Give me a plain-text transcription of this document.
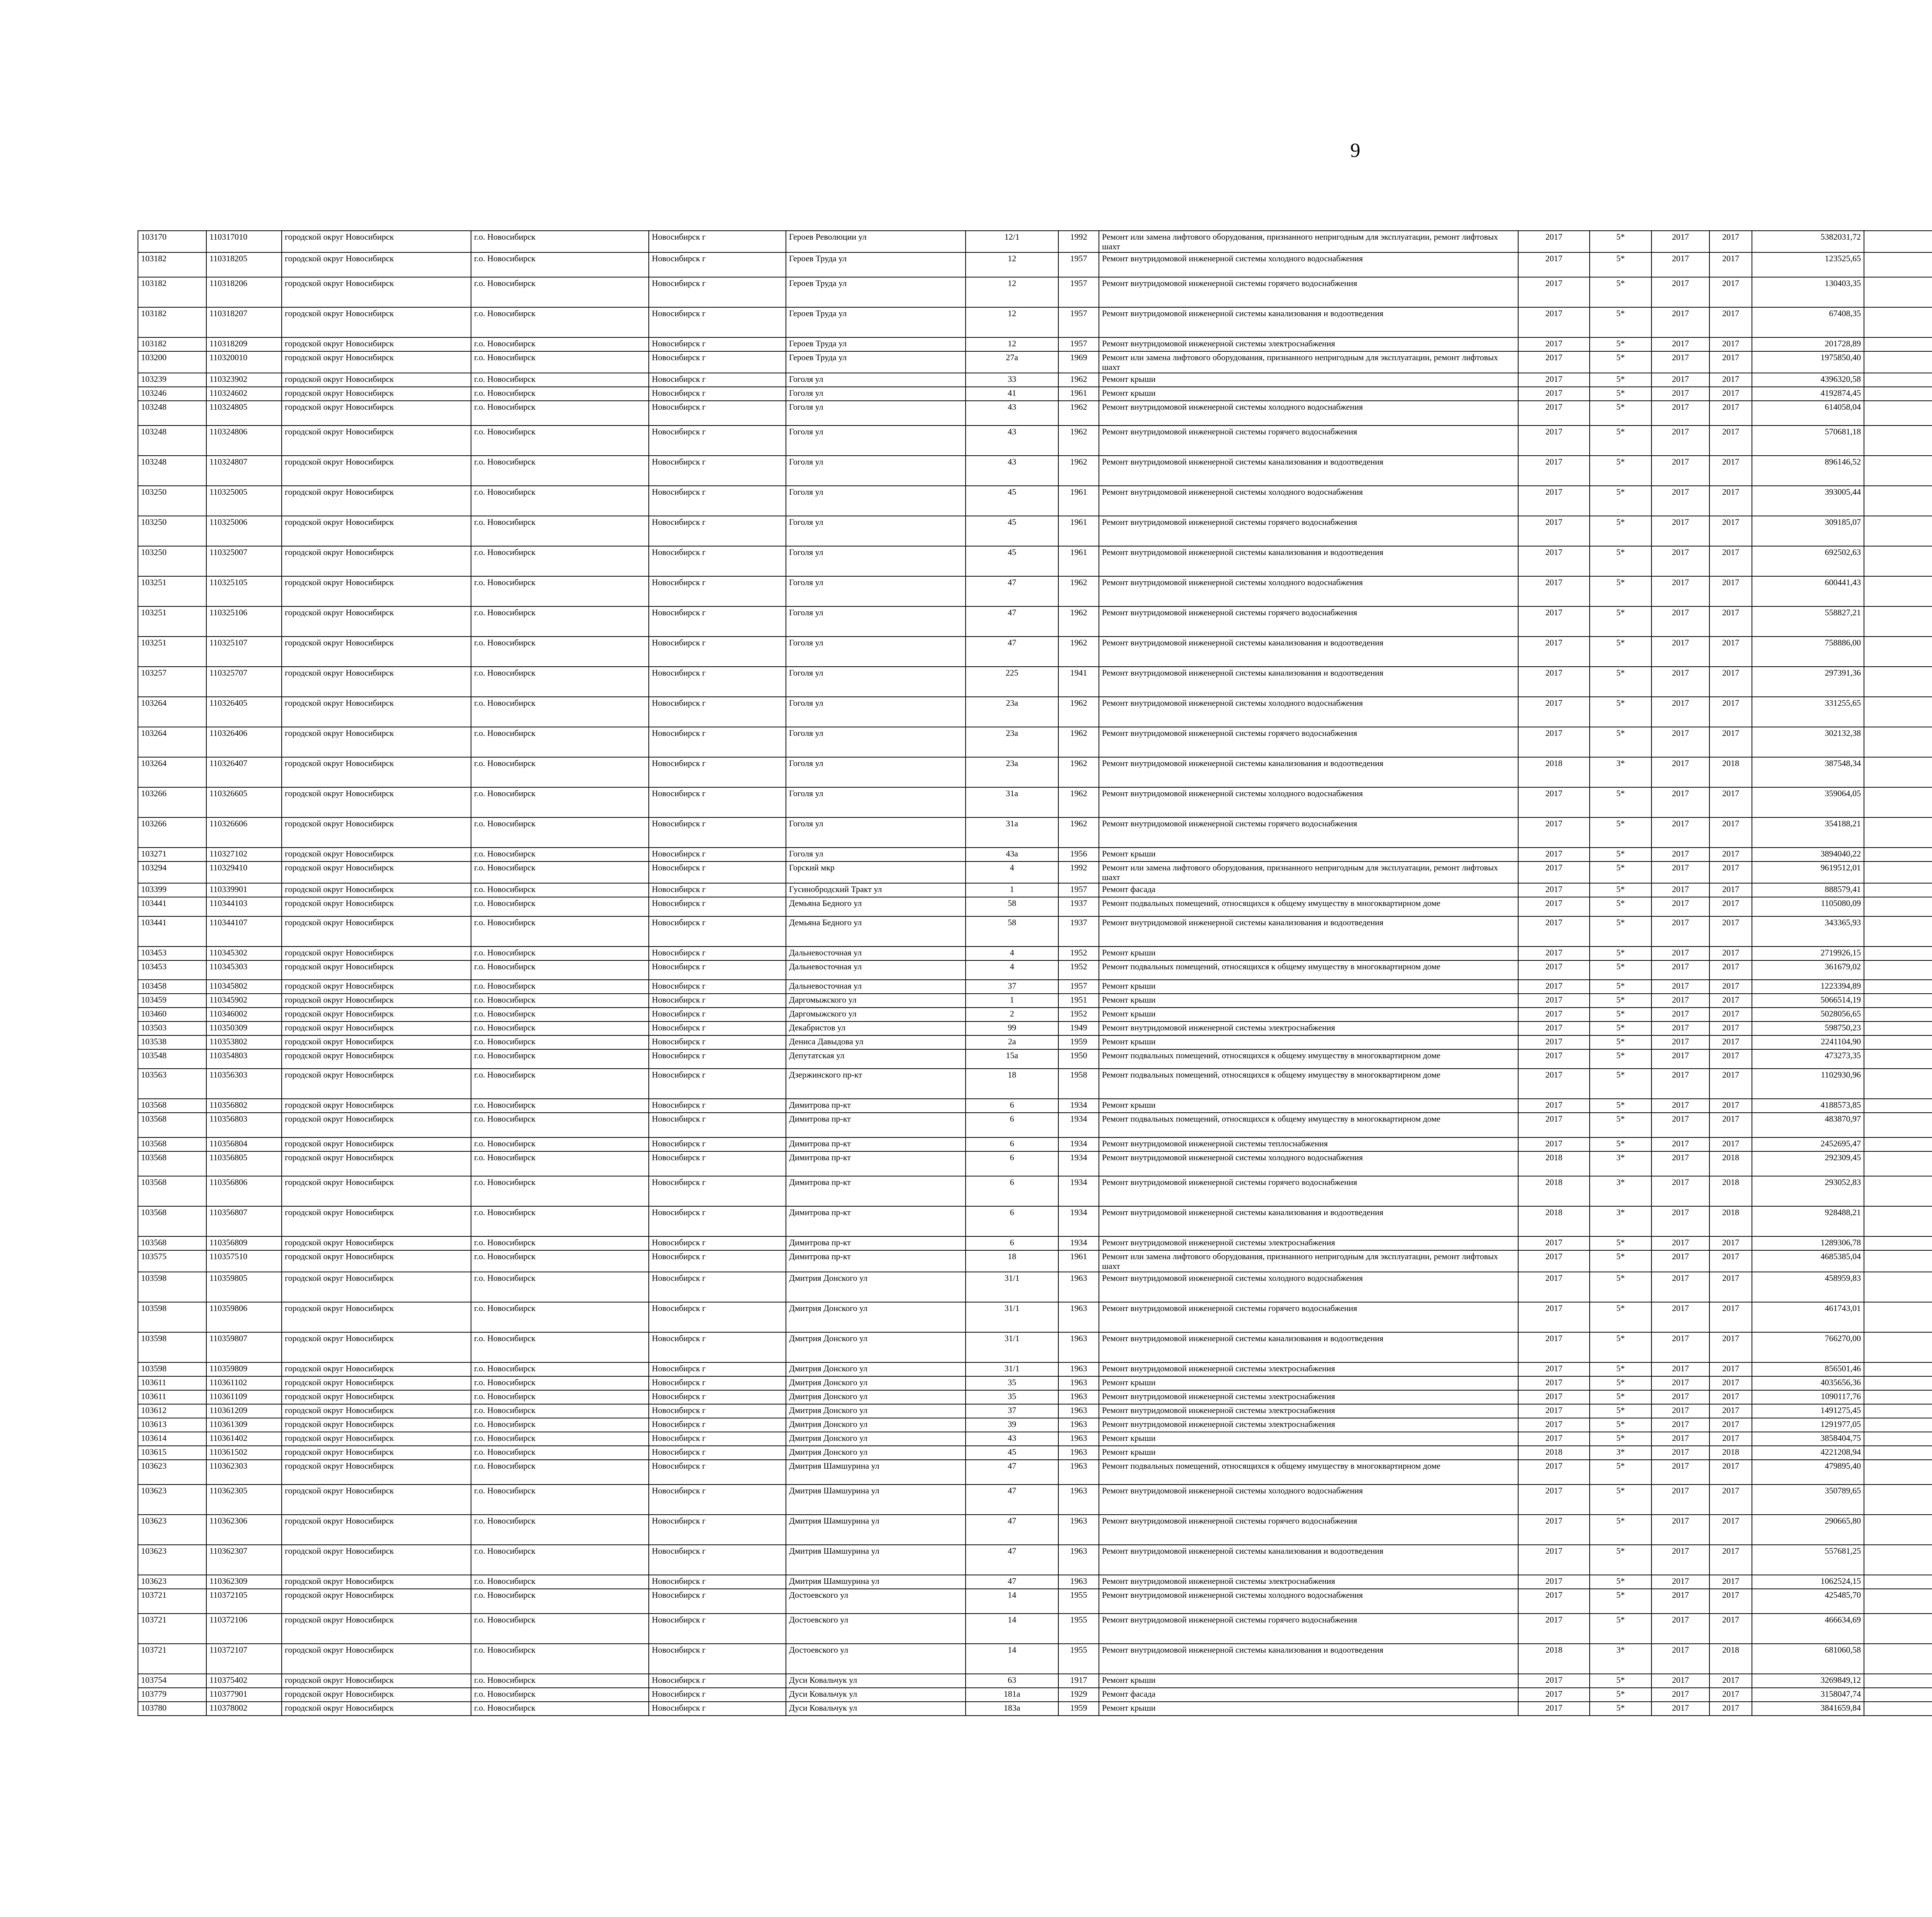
9
103170	110317010	городской округ Новосибирск	г.о. Новосибирск	Новосибирск г	Героев Революции ул	12/1	1992	Ремонт или замена лифтового оборудования, признанного непригодным для эксплуатации, ремонт лифтовых шахт	2017	5*	2017	2017	5382031,72									
103182	110318205	городской округ Новосибирск	г.о. Новосибирск	Новосибирск г	Героев Труда ул	12	1957	Ремонт внутридомовой инженерной системы холодного водоснабжения	2017	5*	2017	2017	123525,65									
103182	110318206	городской округ Новосибирск	г.о. Новосибирск	Новосибирск г	Героев Труда ул	12	1957	Ремонт внутридомовой инженерной системы горячего водоснабжения	2017	5*	2017	2017	130403,35									
103182	110318207	городской округ Новосибирск	г.о. Новосибирск	Новосибирск г	Героев Труда ул	12	1957	Ремонт внутридомовой инженерной системы канализования и водоотведения	2017	5*	2017	2017	67408,35									
103182	110318209	городской округ Новосибирск	г.о. Новосибирск	Новосибирск г	Героев Труда ул	12	1957	Ремонт внутридомовой инженерной системы электроснабжения	2017	5*	2017	2017	201728,89									
103200	110320010	городской округ Новосибирск	г.о. Новосибирск	Новосибирск г	Героев Труда ул	27а	1969	Ремонт или замена лифтового оборудования, признанного непригодным для эксплуатации, ремонт лифтовых шахт	2017	5*	2017	2017	1975850,40									
103239	110323902	городской округ Новосибирск	г.о. Новосибирск	Новосибирск г	Гоголя ул	33	1962	Ремонт крыши	2017	5*	2017	2017	4396320,58									
103246	110324602	городской округ Новосибирск	г.о. Новосибирск	Новосибирск г	Гоголя ул	41	1961	Ремонт крыши	2017	5*	2017	2017	4192874,45									
103248	110324805	городской округ Новосибирск	г.о. Новосибирск	Новосибирск г	Гоголя ул	43	1962	Ремонт внутридомовой инженерной системы холодного водоснабжения	2017	5*	2017	2017	614058,04									
103248	110324806	городской округ Новосибирск	г.о. Новосибирск	Новосибирск г	Гоголя ул	43	1962	Ремонт внутридомовой инженерной системы горячего водоснабжения	2017	5*	2017	2017	570681,18									
103248	110324807	городской округ Новосибирск	г.о. Новосибирск	Новосибирск г	Гоголя ул	43	1962	Ремонт внутридомовой инженерной системы канализования и водоотведения	2017	5*	2017	2017	896146,52									
103250	110325005	городской округ Новосибирск	г.о. Новосибирск	Новосибирск г	Гоголя ул	45	1961	Ремонт внутридомовой инженерной системы холодного водоснабжения	2017	5*	2017	2017	393005,44									
103250	110325006	городской округ Новосибирск	г.о. Новосибирск	Новосибирск г	Гоголя ул	45	1961	Ремонт внутридомовой инженерной системы горячего водоснабжения	2017	5*	2017	2017	309185,07									
103250	110325007	городской округ Новосибирск	г.о. Новосибирск	Новосибирск г	Гоголя ул	45	1961	Ремонт внутридомовой инженерной системы канализования и водоотведения	2017	5*	2017	2017	692502,63									
103251	110325105	городской округ Новосибирск	г.о. Новосибирск	Новосибирск г	Гоголя ул	47	1962	Ремонт внутридомовой инженерной системы холодного водоснабжения	2017	5*	2017	2017	600441,43									
103251	110325106	городской округ Новосибирск	г.о. Новосибирск	Новосибирск г	Гоголя ул	47	1962	Ремонт внутридомовой инженерной системы горячего водоснабжения	2017	5*	2017	2017	558827,21									
103251	110325107	городской округ Новосибирск	г.о. Новосибирск	Новосибирск г	Гоголя ул	47	1962	Ремонт внутридомовой инженерной системы канализования и водоотведения	2017	5*	2017	2017	758886,00									
103257	110325707	городской округ Новосибирск	г.о. Новосибирск	Новосибирск г	Гоголя ул	225	1941	Ремонт внутридомовой инженерной системы канализования и водоотведения	2017	5*	2017	2017	297391,36									
103264	110326405	городской округ Новосибирск	г.о. Новосибирск	Новосибирск г	Гоголя ул	23а	1962	Ремонт внутридомовой инженерной системы холодного водоснабжения	2017	5*	2017	2017	331255,65									
103264	110326406	городской округ Новосибирск	г.о. Новосибирск	Новосибирск г	Гоголя ул	23а	1962	Ремонт внутридомовой инженерной системы горячего водоснабжения	2017	5*	2017	2017	302132,38									
103264	110326407	городской округ Новосибирск	г.о. Новосибирск	Новосибирск г	Гоголя ул	23а	1962	Ремонт внутридомовой инженерной системы канализования и водоотведения	2018	3*	2017	2018	387548,34									
103266	110326605	городской округ Новосибирск	г.о. Новосибирск	Новосибирск г	Гоголя ул	31а	1962	Ремонт внутридомовой инженерной системы холодного водоснабжения	2017	5*	2017	2017	359064,05									
103266	110326606	городской округ Новосибирск	г.о. Новосибирск	Новосибирск г	Гоголя ул	31а	1962	Ремонт внутридомовой инженерной системы горячего водоснабжения	2017	5*	2017	2017	354188,21									
103271	110327102	городской округ Новосибирск	г.о. Новосибирск	Новосибирск г	Гоголя ул	43а	1956	Ремонт крыши	2017	5*	2017	2017	3894040,22									
103294	110329410	городской округ Новосибирск	г.о. Новосибирск	Новосибирск г	Горский мкр	4	1992	Ремонт или замена лифтового оборудования, признанного непригодным для эксплуатации, ремонт лифтовых шахт	2017	5*	2017	2017	9619512,01									
103399	110339901	городской округ Новосибирск	г.о. Новосибирск	Новосибирск г	Гусинобродский Тракт ул	1	1957	Ремонт фасада	2017	5*	2017	2017	888579,41									
103441	110344103	городской округ Новосибирск	г.о. Новосибирск	Новосибирск г	Демьяна Бедного ул	58	1937	Ремонт подвальных помещений, относящихся к общему имуществу в многоквартирном доме	2017	5*	2017	2017	1105080,09									
103441	110344107	городской округ Новосибирск	г.о. Новосибирск	Новосибирск г	Демьяна Бедного ул	58	1937	Ремонт внутридомовой инженерной системы канализования и водоотведения	2017	5*	2017	2017	343365,93									
103453	110345302	городской округ Новосибирск	г.о. Новосибирск	Новосибирск г	Дальневосточная ул	4	1952	Ремонт крыши	2017	5*	2017	2017	2719926,15									
103453	110345303	городской округ Новосибирск	г.о. Новосибирск	Новосибирск г	Дальневосточная ул	4	1952	Ремонт подвальных помещений, относящихся к общему имуществу в многоквартирном доме	2017	5*	2017	2017	361679,02									
103458	110345802	городской округ Новосибирск	г.о. Новосибирск	Новосибирск г	Дальневосточная ул	37	1957	Ремонт крыши	2017	5*	2017	2017	1223394,89									
103459	110345902	городской округ Новосибирск	г.о. Новосибирск	Новосибирск г	Даргомыжского ул	1	1951	Ремонт крыши	2017	5*	2017	2017	5066514,19									
103460	110346002	городской округ Новосибирск	г.о. Новосибирск	Новосибирск г	Даргомыжского ул	2	1952	Ремонт крыши	2017	5*	2017	2017	5028056,65									
103503	110350309	городской округ Новосибирск	г.о. Новосибирск	Новосибирск г	Декабристов ул	99	1949	Ремонт внутридомовой инженерной системы электроснабжения	2017	5*	2017	2017	598750,23									
103538	110353802	городской округ Новосибирск	г.о. Новосибирск	Новосибирск г	Дениса Давыдова ул	2а	1959	Ремонт крыши	2017	5*	2017	2017	2241104,90									
103548	110354803	городской округ Новосибирск	г.о. Новосибирск	Новосибирск г	Депутатская ул	15а	1950	Ремонт подвальных помещений, относящихся к общему имуществу в многоквартирном доме	2017	5*	2017	2017	473273,35									
103563	110356303	городской округ Новосибирск	г.о. Новосибирск	Новосибирск г	Дзержинского пр-кт	18	1958	Ремонт подвальных помещений, относящихся к общему имуществу в многоквартирном доме	2017	5*	2017	2017	1102930,96									
103568	110356802	городской округ Новосибирск	г.о. Новосибирск	Новосибирск г	Димитрова пр-кт	6	1934	Ремонт крыши	2017	5*	2017	2017	4188573,85									
103568	110356803	городской округ Новосибирск	г.о. Новосибирск	Новосибирск г	Димитрова пр-кт	6	1934	Ремонт подвальных помещений, относящихся к общему имуществу в многоквартирном доме	2017	5*	2017	2017	483870,97									
103568	110356804	городской округ Новосибирск	г.о. Новосибирск	Новосибирск г	Димитрова пр-кт	6	1934	Ремонт внутридомовой инженерной системы теплоснабжения	2017	5*	2017	2017	2452695,47									
103568	110356805	городской округ Новосибирск	г.о. Новосибирск	Новосибирск г	Димитрова пр-кт	6	1934	Ремонт внутридомовой инженерной системы холодного водоснабжения	2018	3*	2017	2018	292309,45									
103568	110356806	городской округ Новосибирск	г.о. Новосибирск	Новосибирск г	Димитрова пр-кт	6	1934	Ремонт внутридомовой инженерной системы горячего водоснабжения	2018	3*	2017	2018	293052,83									
103568	110356807	городской округ Новосибирск	г.о. Новосибирск	Новосибирск г	Димитрова пр-кт	6	1934	Ремонт внутридомовой инженерной системы канализования и водоотведения	2018	3*	2017	2018	928488,21									
103568	110356809	городской округ Новосибирск	г.о. Новосибирск	Новосибирск г	Димитрова пр-кт	6	1934	Ремонт внутридомовой инженерной системы электроснабжения	2017	5*	2017	2017	1289306,78									
103575	110357510	городской округ Новосибирск	г.о. Новосибирск	Новосибирск г	Димитрова пр-кт	18	1961	Ремонт или замена лифтового оборудования, признанного непригодным для эксплуатации, ремонт лифтовых шахт	2017	5*	2017	2017	4685385,04									
103598	110359805	городской округ Новосибирск	г.о. Новосибирск	Новосибирск г	Дмитрия Донского ул	31/1	1963	Ремонт внутридомовой инженерной системы холодного водоснабжения	2017	5*	2017	2017	458959,83									
103598	110359806	городской округ Новосибирск	г.о. Новосибирск	Новосибирск г	Дмитрия Донского ул	31/1	1963	Ремонт внутридомовой инженерной системы горячего водоснабжения	2017	5*	2017	2017	461743,01									
103598	110359807	городской округ Новосибирск	г.о. Новосибирск	Новосибирск г	Дмитрия Донского ул	31/1	1963	Ремонт внутридомовой инженерной системы канализования и водоотведения	2017	5*	2017	2017	766270,00									
103598	110359809	городской округ Новосибирск	г.о. Новосибирск	Новосибирск г	Дмитрия Донского ул	31/1	1963	Ремонт внутридомовой инженерной системы электроснабжения	2017	5*	2017	2017	856501,46									
103611	110361102	городской округ Новосибирск	г.о. Новосибирск	Новосибирск г	Дмитрия Донского ул	35	1963	Ремонт крыши	2017	5*	2017	2017	4035656,36									
103611	110361109	городской округ Новосибирск	г.о. Новосибирск	Новосибирск г	Дмитрия Донского ул	35	1963	Ремонт внутридомовой инженерной системы электроснабжения	2017	5*	2017	2017	1090117,76									
103612	110361209	городской округ Новосибирск	г.о. Новосибирск	Новосибирск г	Дмитрия Донского ул	37	1963	Ремонт внутридомовой инженерной системы электроснабжения	2017	5*	2017	2017	1491275,45									
103613	110361309	городской округ Новосибирск	г.о. Новосибирск	Новосибирск г	Дмитрия Донского ул	39	1963	Ремонт внутридомовой инженерной системы электроснабжения	2017	5*	2017	2017	1291977,05									
103614	110361402	городской округ Новосибирск	г.о. Новосибирск	Новосибирск г	Дмитрия Донского ул	43	1963	Ремонт крыши	2017	5*	2017	2017	3858404,75									
103615	110361502	городской округ Новосибирск	г.о. Новосибирск	Новосибирск г	Дмитрия Донского ул	45	1963	Ремонт крыши	2018	3*	2017	2018	4221208,94									
103623	110362303	городской округ Новосибирск	г.о. Новосибирск	Новосибирск г	Дмитрия Шамшурина ул	47	1963	Ремонт подвальных помещений, относящихся к общему имуществу в многоквартирном доме	2017	5*	2017	2017	479895,40									
103623	110362305	городской округ Новосибирск	г.о. Новосибирск	Новосибирск г	Дмитрия Шамшурина ул	47	1963	Ремонт внутридомовой инженерной системы холодного водоснабжения	2017	5*	2017	2017	350789,65									
103623	110362306	городской округ Новосибирск	г.о. Новосибирск	Новосибирск г	Дмитрия Шамшурина ул	47	1963	Ремонт внутридомовой инженерной системы горячего водоснабжения	2017	5*	2017	2017	290665,80									
103623	110362307	городской округ Новосибирск	г.о. Новосибирск	Новосибирск г	Дмитрия Шамшурина ул	47	1963	Ремонт внутридомовой инженерной системы канализования и водоотведения	2017	5*	2017	2017	557681,25									
103623	110362309	городской округ Новосибирск	г.о. Новосибирск	Новосибирск г	Дмитрия Шамшурина ул	47	1963	Ремонт внутридомовой инженерной системы электроснабжения	2017	5*	2017	2017	1062524,15									
103721	110372105	городской округ Новосибирск	г.о. Новосибирск	Новосибирск г	Достоевского ул	14	1955	Ремонт внутридомовой инженерной системы холодного водоснабжения	2017	5*	2017	2017	425485,70									
103721	110372106	городской округ Новосибирск	г.о. Новосибирск	Новосибирск г	Достоевского ул	14	1955	Ремонт внутридомовой инженерной системы горячего водоснабжения	2017	5*	2017	2017	466634,69									
103721	110372107	городской округ Новосибирск	г.о. Новосибирск	Новосибирск г	Достоевского ул	14	1955	Ремонт внутридомовой инженерной системы канализования и водоотведения	2018	3*	2017	2018	681060,58									
103754	110375402	городской округ Новосибирск	г.о. Новосибирск	Новосибирск г	Дуси Ковальчук ул	63	1917	Ремонт крыши	2017	5*	2017	2017	3269849,12									
103779	110377901	городской округ Новосибирск	г.о. Новосибирск	Новосибирск г	Дуси Ковальчук ул	181а	1929	Ремонт фасада	2017	5*	2017	2017	3158047,74									
103780	110378002	городской округ Новосибирск	г.о. Новосибирск	Новосибирск г	Дуси Ковальчук ул	183а	1959	Ремонт крыши	2017	5*	2017	2017	3841659,84									
